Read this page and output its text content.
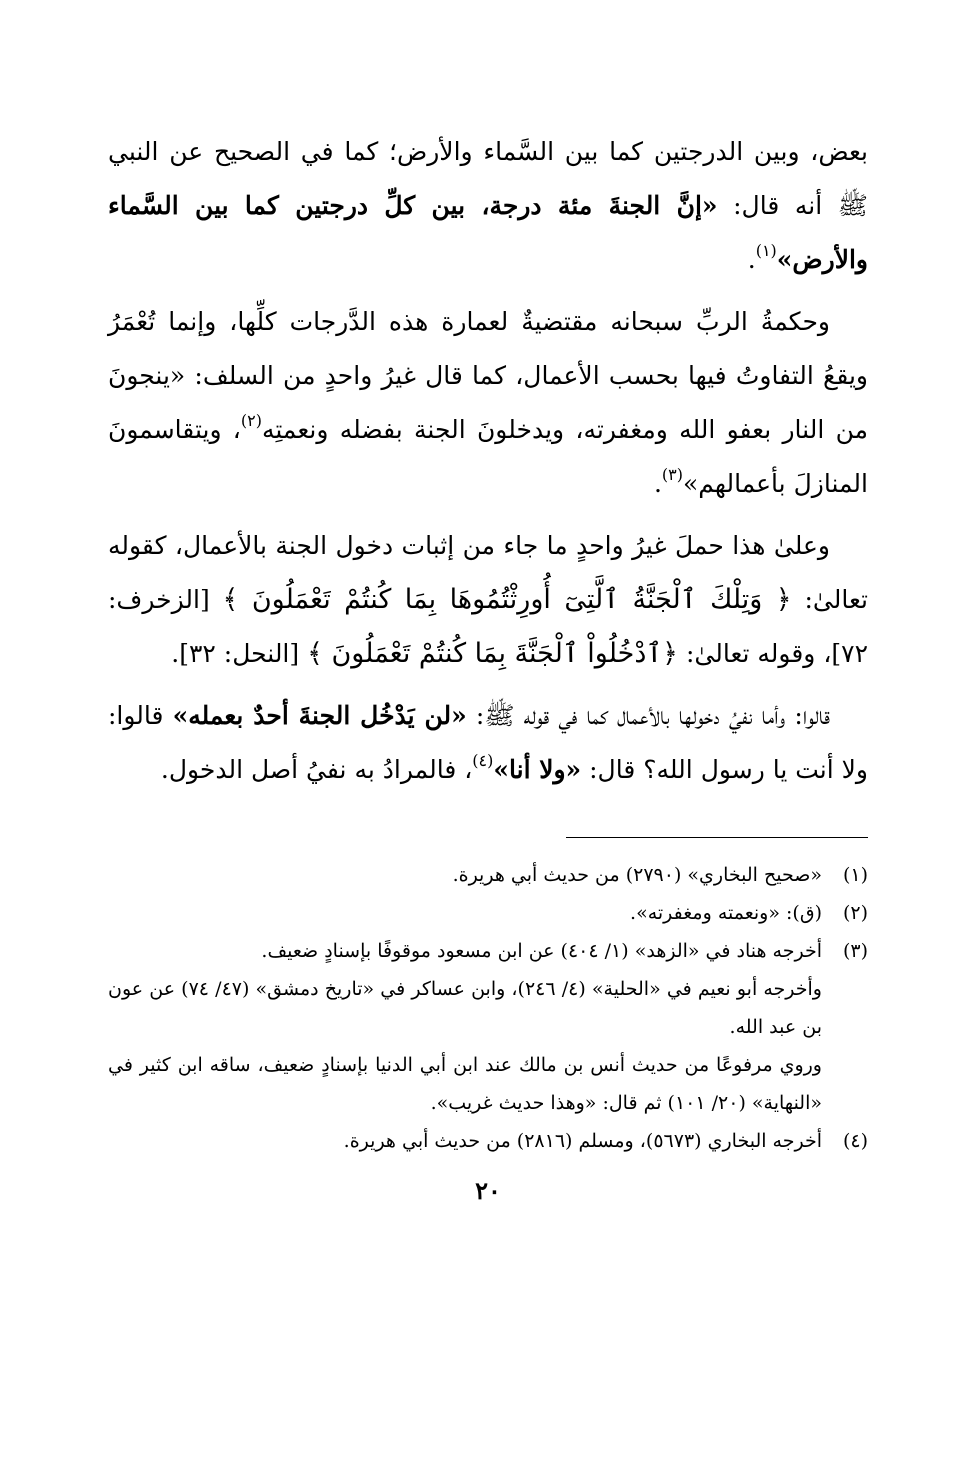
بعض، وبين الدرجتين كما بين السَّماء والأرض؛ كما في الصحيح عن النبي ﷺ أنه قال: «إنَّ الجنةَ مئة درجة، بين كلِّ درجتين كما بين السَّماء والأرض»$^{(١)}$.

وحكمةُ الربِّ سبحانه مقتضيةٌ لعمارة هذه الدَّرجات كلِّها، وإنما تُعْمَرُ ويقعُ التفاوتُ فيها بحسب الأعمال، كما قال غيرُ واحدٍ من السلف: «ينجونَ من النار بعفو الله ومغفرته، ويدخلونَ الجنة بفضله ونعمتِه$^{(٢)}$، ويتقاسمونَ المنازلَ بأعمالهم»$^{(٣)}$.

وعلىٰ هذا حملَ غيرُ واحدٍ ما جاء من إثبات دخول الجنة بالأعمال، كقوله تعالىٰ: ﴿ وَتِلْكَ ٱلْجَنَّةُ ٱلَّتِىٓ أُورِثْتُمُوهَا بِمَا كُنتُمْ تَعْمَلُونَ ﴾ [الزخرف: ٧٢]، وقوله تعالىٰ: ﴿ٱدْخُلُواْ ٱلْجَنَّةَ بِمَا كُنتُمْ تَعْمَلُونَ ﴾ [النحل: ٣٢].

قالوا: وأما نفيُ دخولها بالأعمال كما في قوله ﷺ: «لن يَدْخُل الجنةَ أحدٌ بعمله» قالوا: ولا أنت يا رسول الله؟ قال: «ولا أنا»$^{(٤)}$، فالمرادُ به نفيُ أصل الدخول.

(١)
«صحيح البخاري» (٢٧٩٠) من حديث أبي هريرة.
(٢)
(ق): «ونعمته ومغفرته».
(٣)
أخرجه هناد في «الزهد» (١/ ٤٠٤) عن ابن مسعود موقوفًا بإسنادٍ ضعيف.
وأخرجه أبو نعيم في «الحلية» (٤/ ٢٤٦)، وابن عساكر في «تاريخ دمشق» (٤٧/ ٧٤) عن عون بن عبد الله.
وروي مرفوعًا من حديث أنس بن مالك عند ابن أبي الدنيا بإسنادٍ ضعيف، ساقه ابن كثير في «النهاية» (٢٠/ ١٠١) ثم قال: «وهذا حديث غريب».
(٤)
أخرجه البخاري (٥٦٧٣)، ومسلم (٢٨١٦) من حديث أبي هريرة.
٢٠
